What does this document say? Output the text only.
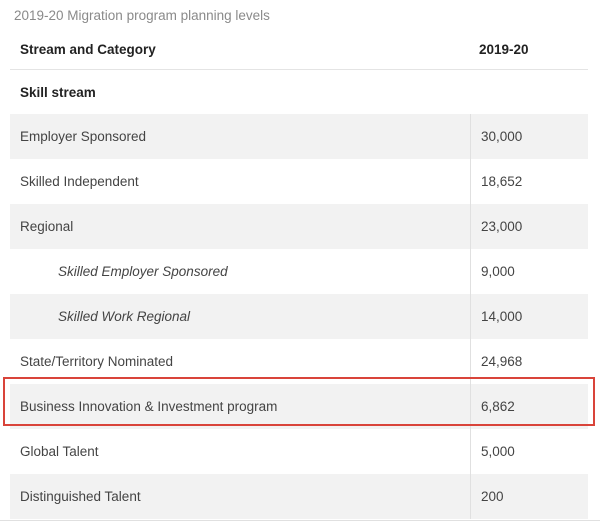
2019-20 Migration program planning levels
Stream and Category	2019-20
Skill stream
Employer Sponsored	30,000
Skilled Independent	18,652
Regional	23,000
Skilled Employer Sponsored	9,000
Skilled Work Regional	14,000
State/Territory Nominated	24,968
Business Innovation & Investment program	6,862
Global Talent	5,000
Distinguished Talent	200
